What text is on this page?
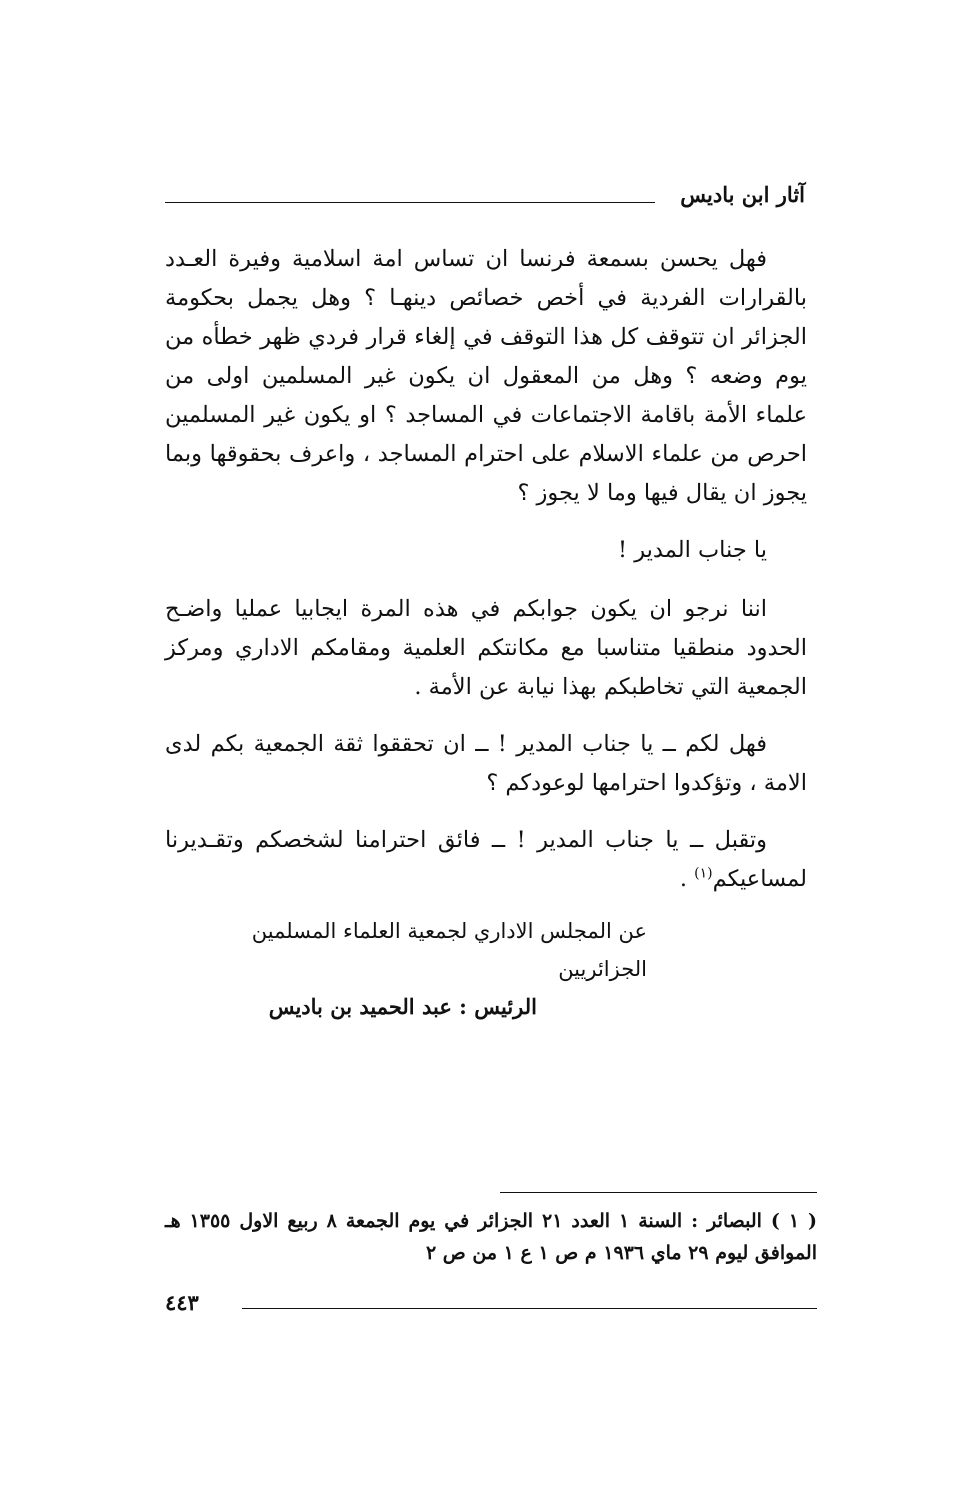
آثار ابن باديس

فهل يحسن بسمعة فرنسا ان تساس امة اسلامية وفيرة العـدد بالقرارات الفردية في أخص خصائص دينهـا ؟ وهل يجمل بحكومة الجزائر ان تتوقف كل هذا التوقف في إلغاء قرار فردي ظهر خطأه من يوم وضعه ؟ وهل من المعقول ان يكون غير المسلمين اولى من علماء الأمة باقامة الاجتماعات في المساجد ؟ او يكون غير المسلمين احرص من علماء الاسلام على احترام المساجد ، واعرف بحقوقها وبما يجوز ان يقال فيها وما لا يجوز ؟

يا جناب المدير !

اننا نرجو ان يكون جوابكم في هذه المرة ايجابيا عمليا واضـح الحدود منطقيا متناسبا مع مكانتكم العلمية ومقامكم الاداري ومركز الجمعية التي تخاطبكم بهذا نيابة عن الأمة .

فهل لكم ــ يا جناب المدير ! ــ ان تحققوا ثقة الجمعية بكم لدى الامة ، وتؤكدوا احترامها لوعودكم ؟

وتقبل ــ يا جناب المدير ! ــ فائق احترامنا لشخصكم وتقـديرنا لمساعيكم$^{(١)}$ .

عن المجلس الاداري لجمعية العلماء المسلمين الجزائريين

الرئيس : عبد الحميد بن باديس

( ١ ) البصائر : السنة ١ العدد ٢١ الجزائر في يوم الجمعة ٨ ربيع الاول ١٣٥٥ هـ الموافق ليوم ٢٩ ماي ١٩٣٦ م ص ١ ع ١ من ص ٢
٤٤٣
